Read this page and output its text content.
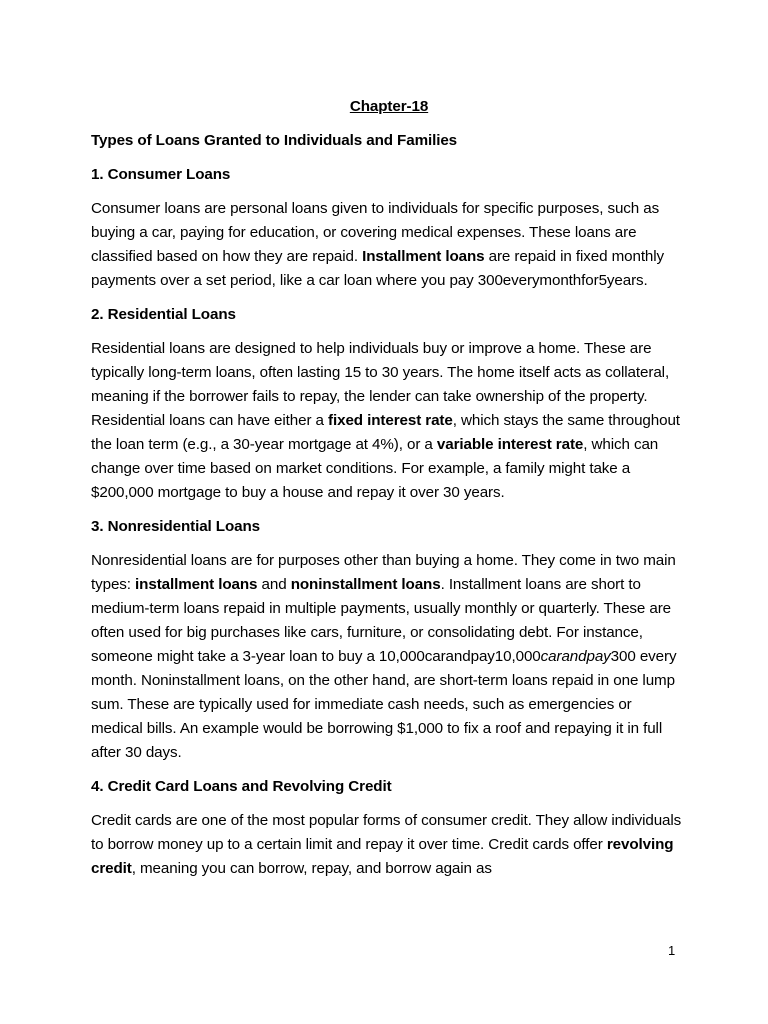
Chapter-18
Types of Loans Granted to Individuals and Families
1. Consumer Loans

Consumer loans are personal loans given to individuals for specific purposes, such as buying a car, paying for education, or covering medical expenses. These loans are classified based on how they are repaid. Installment loans are repaid in fixed monthly payments over a set period, like a car loan where you pay 300everymonthfor5years.

2. Residential Loans

Residential loans are designed to help individuals buy or improve a home. These are typically long-term loans, often lasting 15 to 30 years. The home itself acts as collateral, meaning if the borrower fails to repay, the lender can take ownership of the property. Residential loans can have either a fixed interest rate, which stays the same throughout the loan term (e.g., a 30-year mortgage at 4%), or a variable interest rate, which can change over time based on market conditions. For example, a family might take a $200,000 mortgage to buy a house and repay it over 30 years.

3. Nonresidential Loans

Nonresidential loans are for purposes other than buying a home. They come in two main types: installment loans and noninstallment loans. Installment loans are short to medium-term loans repaid in multiple payments, usually monthly or quarterly. These are often used for big purchases like cars, furniture, or consolidating debt. For instance, someone might take a 3-year loan to buy a 10,000carandpay10,000carandpay300 every month. Noninstallment loans, on the other hand, are short-term loans repaid in one lump sum. These are typically used for immediate cash needs, such as emergencies or medical bills. An example would be borrowing $1,000 to fix a roof and repaying it in full after 30 days.

4. Credit Card Loans and Revolving Credit

Credit cards are one of the most popular forms of consumer credit. They allow individuals to borrow money up to a certain limit and repay it over time. Credit cards offer revolving credit, meaning you can borrow, repay, and borrow again as

1
